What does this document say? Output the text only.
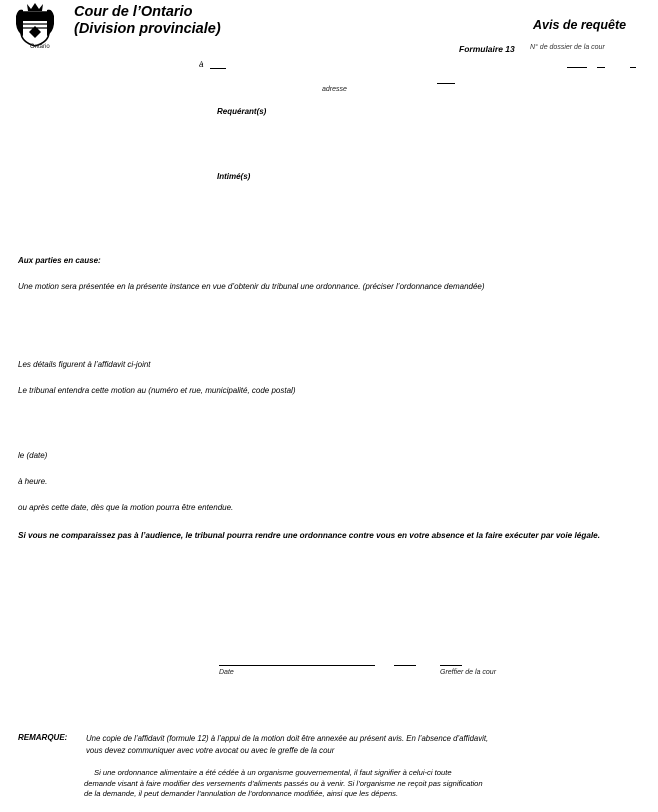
Ontario
Cour de l’Ontario
(Division provinciale)	Avis de requête
Formulaire 13 N° de dossier de la cour
à
adresse
Requérant(s)
Intimé(s)
Aux parties en cause:
Une motion sera présentée en la présente instance en vue d’obtenir du tribunal une ordonnance. (préciser l’ordonnance demandée)
Les détails figurent à l’affidavit ci-joint
Le tribunal entendra cette motion au (numéro et rue, municipalité, code postal)
le (date)
à heure.
ou après cette date, dès que la motion pourra être entendue.
Si vous ne comparaissez pas à l’audience, le tribunal pourra rendre une ordonnance contre vous en votre absence et la faire exécuter par voie légale.
Date	Greffier de la cour
REMARQUE: Une copie de l’affidavit (formule 12) à l’appui de la motion doit être annexée au présent avis. En l’absence d’affidavit, vous devez communiquer avec votre avocat ou avec le greffe de la cour
Si une ordonnance alimentaire a été cédée à un organisme gouvernemental, il faut signifier à celui-ci toute demande visant à faire modifier des versements d’aliments passés ou à venir. Si l’organisme ne reçoit pas signification de la demande, il peut demander l’annulation de l’ordonnance modifiée, ainsi que les dépens.
